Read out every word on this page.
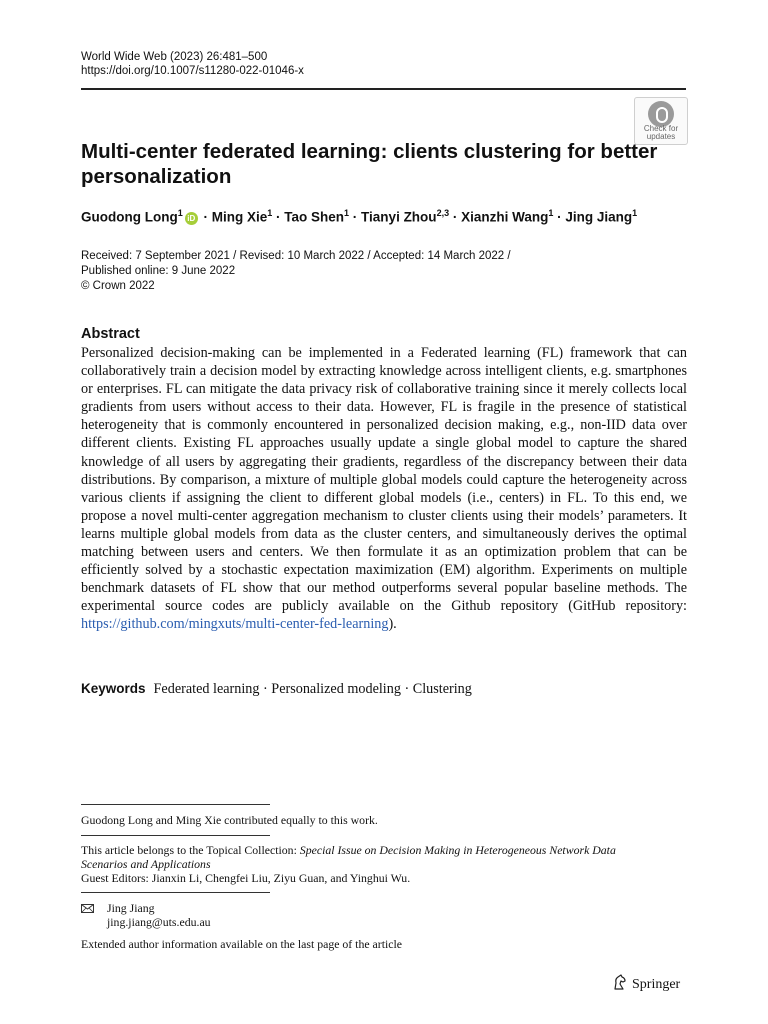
World Wide Web (2023) 26:481–500
https://doi.org/10.1007/s11280-022-01046-x
Check for
updates
Multi-center federated learning: clients clustering for better personalization
Guodong Long$^1$ iD · Ming Xie$^1$ · Tao Shen$^1$ · Tianyi Zhou$^{2,3}$ · Xianzhi Wang$^1$ · Jing Jiang$^1$
Received: 7 September 2021 / Revised: 10 March 2022 / Accepted: 14 March 2022 /
Published online: 9 June 2022
© Crown 2022
Abstract
Personalized decision-making can be implemented in a Federated learning (FL) framework that can collaboratively train a decision model by extracting knowledge across intelligent clients, e.g. smartphones or enterprises. FL can mitigate the data privacy risk of collaborative training since it merely collects local gradients from users without access to their data. However, FL is fragile in the presence of statistical heterogeneity that is commonly encountered in personalized decision making, e.g., non-IID data over different clients. Existing FL approaches usually update a single global model to capture the shared knowledge of all users by aggregating their gradients, regardless of the discrepancy between their data distributions. By comparison, a mixture of multiple global models could capture the heterogeneity across various clients if assigning the client to different global models (i.e., centers) in FL. To this end, we propose a novel multi-center aggregation mechanism to cluster clients using their models’ parameters. It learns multiple global models from data as the cluster centers, and simultaneously derives the optimal matching between users and centers. We then formulate it as an optimization problem that can be efficiently solved by a stochastic expectation maximization (EM) algorithm. Experiments on multiple benchmark datasets of FL show that our method outperforms several popular baseline methods. The experimental source codes are publicly available on the Github repository (GitHub repository: https://github.com/mingxuts/multi-center-fed-learning).
Keywords Federated learning · Personalized modeling · Clustering
Guodong Long and Ming Xie contributed equally to this work.
This article belongs to the Topical Collection: Special Issue on Decision Making in Heterogeneous Network Data Scenarios and Applications
Guest Editors: Jianxin Li, Chengfei Liu, Ziyu Guan, and Yinghui Wu.
Jing Jiang
jing.jiang@uts.edu.au
Extended author information available on the last page of the article
Springer
